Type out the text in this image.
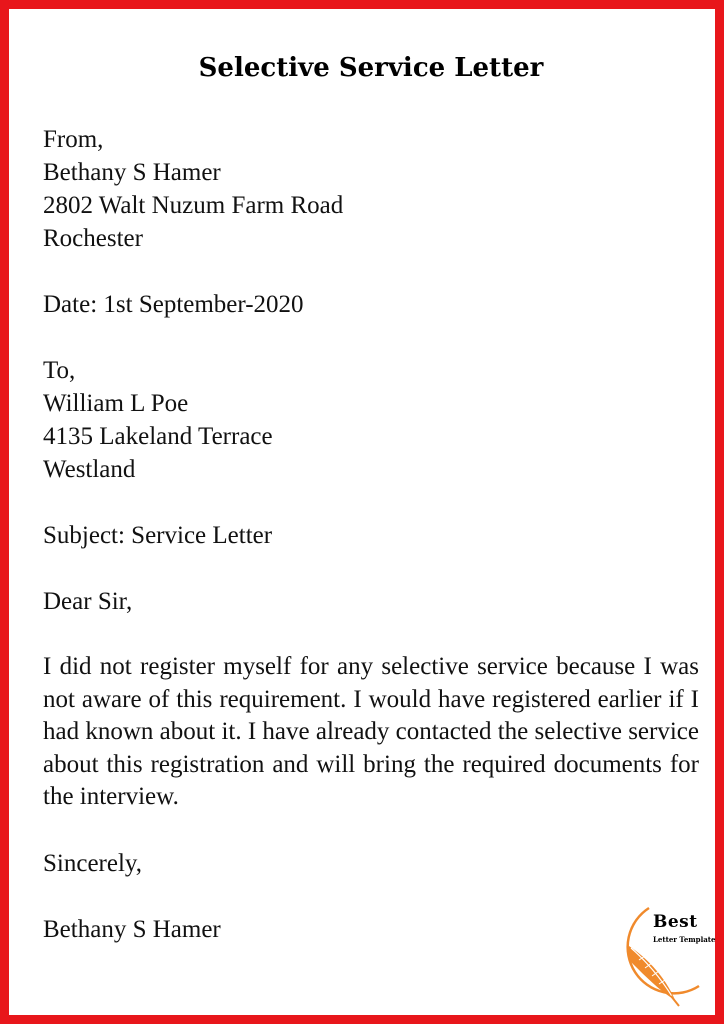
Selective Service Letter
From,
Bethany S Hamer
2802 Walt Nuzum Farm Road
Rochester
Date: 1st September-2020
To,
William L Poe
4135 Lakeland Terrace
Westland
Subject: Service Letter
Dear Sir,

I did not register myself for any selective service because I was not aware of this requirement. I would have registered earlier if I had known about it. I have already contacted the selective service about this registration and will bring the required documents for the interview.

Sincerely,
Bethany S Hamer	Best
Letter Template
